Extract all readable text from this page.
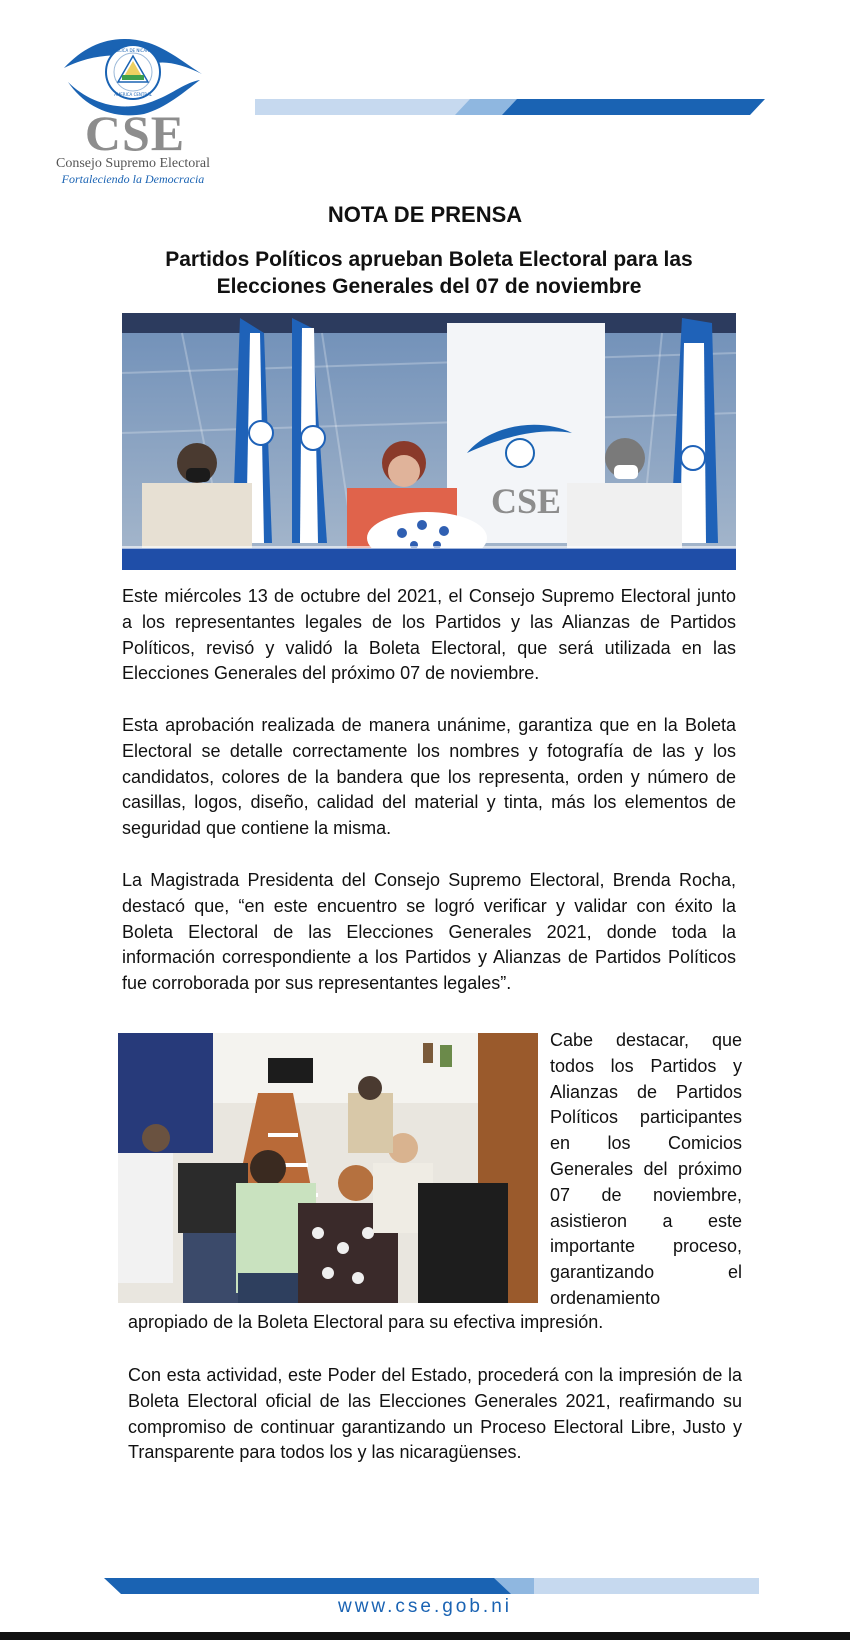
REPUBLICA DE NICARAGUA
AMERICA CENTRAL
CSE
Consejo Supremo Electoral
Fortaleciendo la Democracia
NOTA DE PRENSA
Partidos Políticos aprueban Boleta Electoral para las Elecciones Generales del 07 de noviembre
CSE

Este miércoles 13 de octubre del 2021, el Consejo Supremo Electoral junto a los representantes legales de los Partidos y las Alianzas de Partidos Políticos, revisó y validó la Boleta Electoral, que será utilizada en las Elecciones Generales del próximo 07 de noviembre.

Esta aprobación realizada de manera unánime, garantiza que en la Boleta Electoral se detalle correctamente los nombres y fotografía de las y los candidatos, colores de la bandera que los representa, orden y número de casillas, logos, diseño, calidad del material y tinta, más los elementos de seguridad que contiene la misma.

La Magistrada Presidenta del Consejo Supremo Electoral, Brenda Rocha, destacó que, “en este encuentro se logró verificar y validar con éxito la Boleta Electoral de las Elecciones Generales 2021, donde toda la información correspondiente a los Partidos y Alianzas de Partidos Políticos fue corroborada por sus representantes legales”.

Cabe destacar, que todos los Partidos y Alianzas de Partidos Políticos participantes en los Comicios Generales del próximo 07 de noviembre, asistieron a este importante proceso, garantizando el ordenamiento

apropiado de la Boleta Electoral para su efectiva impresión.

Con esta actividad, este Poder del Estado, procederá con la impresión de la Boleta Electoral oficial de las Elecciones Generales 2021, reafirmando su compromiso de continuar garantizando un Proceso Electoral Libre, Justo y Transparente para todos los y las nicaragüenses.

www.cse.gob.ni
